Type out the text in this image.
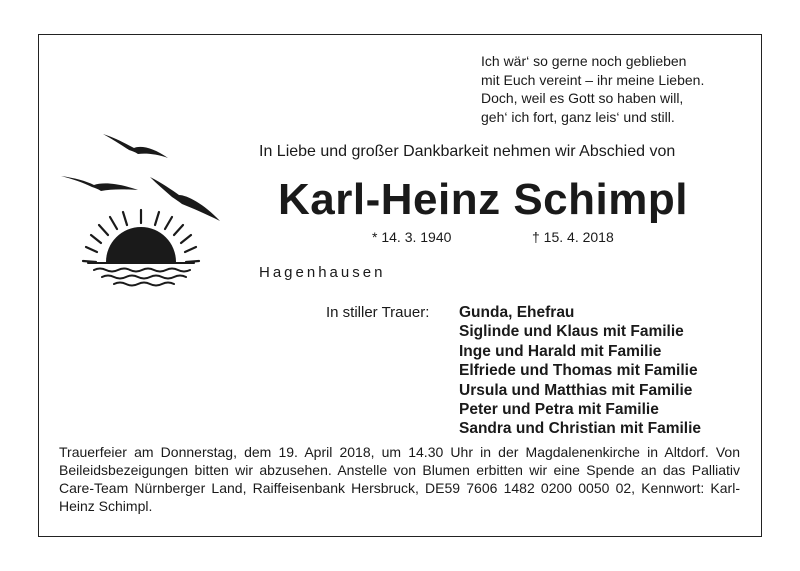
Ich wär‘ so gerne noch geblieben
mit Euch vereint – ihr meine Lieben.
Doch, weil es Gott so haben will,
geh‘ ich fort, ganz leis‘ und still.
In Liebe und großer Dankbarkeit nehmen wir Abschied von
Karl-Heinz Schimpl
* 14. 3. 1940	† 15. 4. 2018
Hagenhausen
In stiller Trauer: Gunda, Ehefrau
Siglinde und Klaus mit Familie
Inge und Harald mit Familie
Elfriede und Thomas mit Familie
Ursula und Matthias mit Familie
Peter und Petra mit Familie
Sandra und Christian mit Familie
Trauerfeier am Donnerstag, dem 19. April 2018, um 14.30 Uhr in der Magdalenenkirche in Altdorf. Von Beileidsbezeigungen bitten wir abzusehen. Anstelle von Blumen erbitten wir eine Spende an das Palliativ Care-Team Nürnberger Land, Raiffeisenbank Hersbruck, DE59 7606 1482 0200 0050 02, Kennwort: Karl-Heinz Schimpl.
